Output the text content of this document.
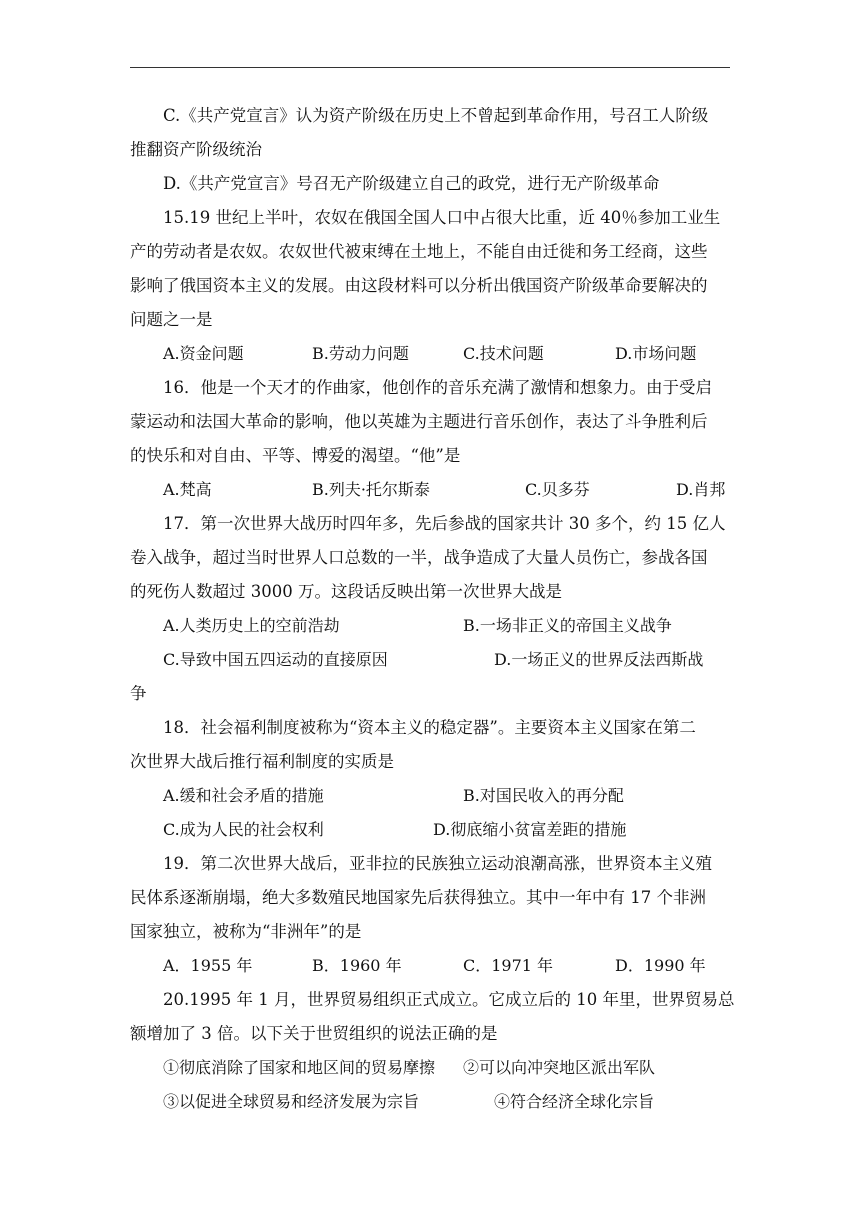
C.《共产党宣言》认为资产阶级在历史上不曾起到革命作用，号召工人阶级
推翻资产阶级统治
D.《共产党宣言》号召无产阶级建立自己的政党，进行无产阶级革命
15.19 世纪上半叶，农奴在俄国全国人口中占很大比重，近 40％参加工业生
产的劳动者是农奴。农奴世代被束缚在土地上，不能自由迁徙和务工经商，这些
影响了俄国资本主义的发展。由这段材料可以分析出俄国资产阶级革命要解决的
问题之一是
A.资金问题	B.劳动力问题	C.技术问题	D.市场问题
16．他是一个天才的作曲家，他创作的音乐充满了激情和想象力。由于受启
蒙运动和法国大革命的影响，他以英雄为主题进行音乐创作，表达了斗争胜利后
的快乐和对自由、平等、博爱的渴望。“他”是
A.梵高	B.列夫·托尔斯泰	C.贝多芬	D.肖邦
17．第一次世界大战历时四年多，先后参战的国家共计 30 多个，约 15 亿人
卷入战争，超过当时世界人口总数的一半，战争造成了大量人员伤亡，参战各国
的死伤人数超过 3000 万。这段话反映出第一次世界大战是
A.人类历史上的空前浩劫	B.一场非正义的帝国主义战争
C.导致中国五四运动的直接原因	D.一场正义的世界反法西斯战
争
18．社会福利制度被称为“资本主义的稳定器”。主要资本主义国家在第二
次世界大战后推行福利制度的实质是
A.缓和社会矛盾的措施	B.对国民收入的再分配
C.成为人民的社会权利	D.彻底缩小贫富差距的措施
19．第二次世界大战后，亚非拉的民族独立运动浪潮高涨，世界资本主义殖
民体系逐渐崩塌，绝大多数殖民地国家先后获得独立。其中一年中有 17 个非洲
国家独立，被称为“非洲年”的是
A．1955 年	B．1960 年	C．1971 年	D．1990 年
20.1995 年 1 月，世界贸易组织正式成立。它成立后的 10 年里，世界贸易总
额增加了 3 倍。以下关于世贸组织的说法正确的是
①彻底消除了国家和地区间的贸易摩擦 ②可以向冲突地区派出军队
③以促进全球贸易和经济发展为宗旨	④符合经济全球化宗旨
